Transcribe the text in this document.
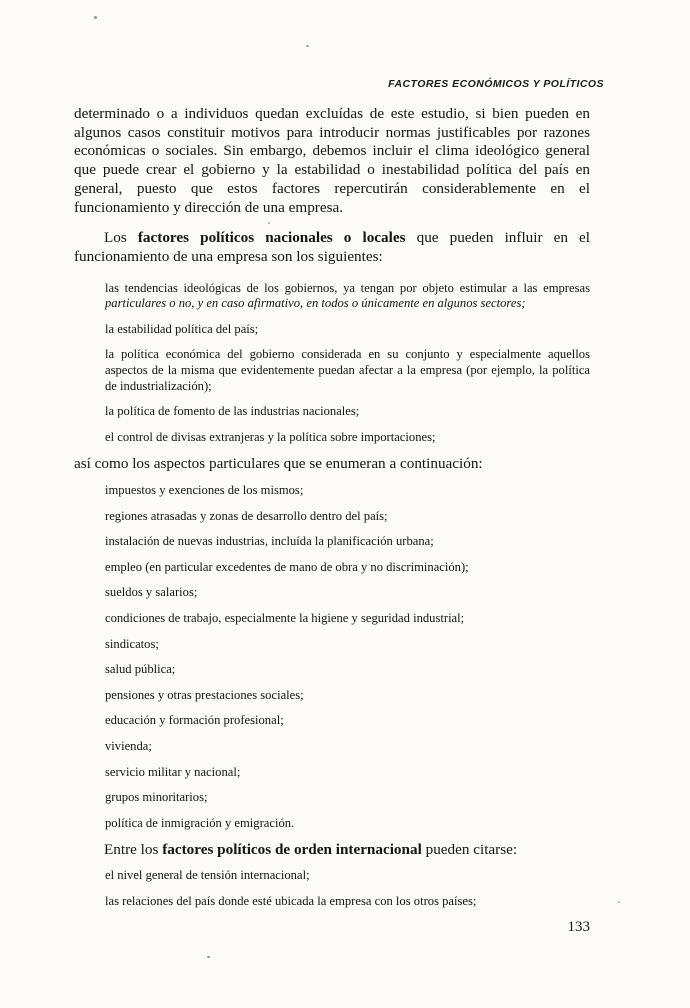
FACTORES ECONÓMICOS Y POLÍTICOS

determinado o a individuos quedan excluídas de este estudio, si bien pueden en algunos casos constituir motivos para introducir normas justificables por razones económicas o sociales. Sin embargo, debemos incluir el clima ideológico general que puede crear el gobierno y la estabilidad o inestabilidad política del país en general, puesto que estos factores repercutirán considerablemente en el funcionamiento y dirección de una empresa.

Los factores políticos nacionales o locales que pueden influir en el funcionamiento de una empresa son los siguientes:

las tendencias ideológicas de los gobiernos, ya tengan por objeto estimular a las empresas particulares o no, y en caso afirmativo, en todos o únicamente en algunos sectores;

la estabilidad política del país;

la política económica del gobierno considerada en su conjunto y especialmente aquellos aspectos de la misma que evidentemente puedan afectar a la empresa (por ejemplo, la política de industrialización);

la política de fomento de las industrias nacionales;

el control de divisas extranjeras y la política sobre importaciones;

así como los aspectos particulares que se enumeran a continuación:

impuestos y exenciones de los mismos;

regiones atrasadas y zonas de desarrollo dentro del país;

instalación de nuevas industrias, incluída la planificación urbana;

empleo (en particular excedentes de mano de obra y no discriminación);

sueldos y salarios;

condiciones de trabajo, especialmente la higiene y seguridad industrial;

sindicatos;

salud pública;

pensiones y otras prestaciones sociales;

educación y formación profesional;

vivienda;

servicio militar y nacional;

grupos minoritarios;

política de inmigración y emigración.

Entre los factores políticos de orden internacional pueden citarse:

el nivel general de tensión internacional;

las relaciones del país donde esté ubicada la empresa con los otros países;

133
